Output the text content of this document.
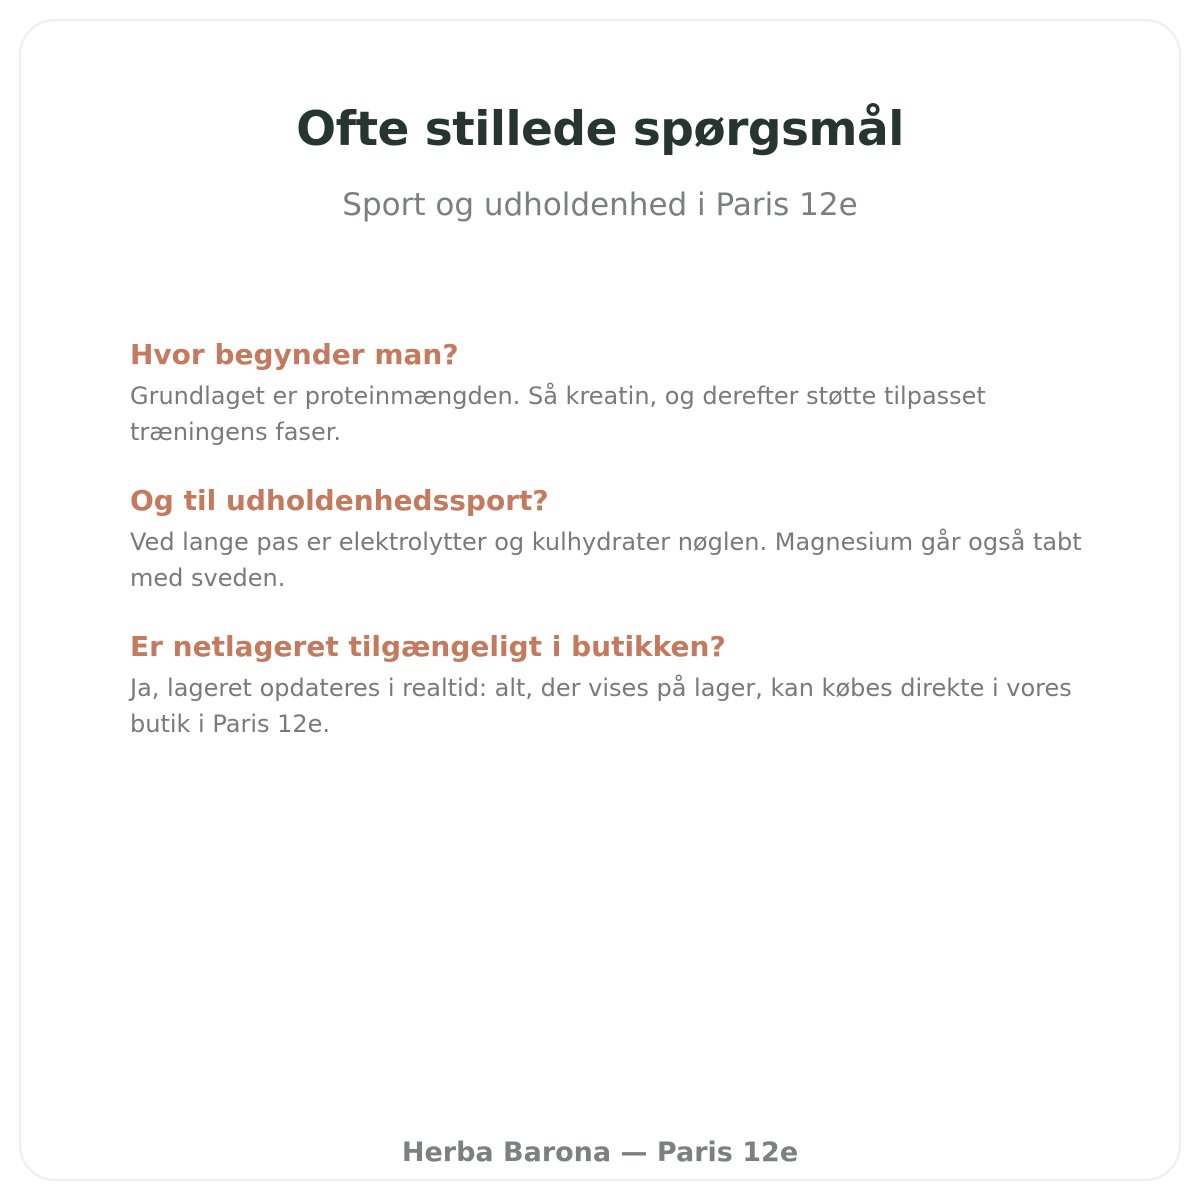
Ofte stillede spørgsmål

Sport og udholdenhed i Paris 12e

Hvor begynder man?

Grundlaget er proteinmængden. Så kreatin, og derefter støtte tilpasset træningens faser.

Og til udholdenhedssport?

Ved lange pas er elektrolytter og kulhydrater nøglen. Magnesium går også tabt med sveden.

Er netlageret tilgængeligt i butikken?

Ja, lageret opdateres i realtid: alt, der vises på lager, kan købes direkte i vores butik i Paris 12e.

Herba Barona — Paris 12e
